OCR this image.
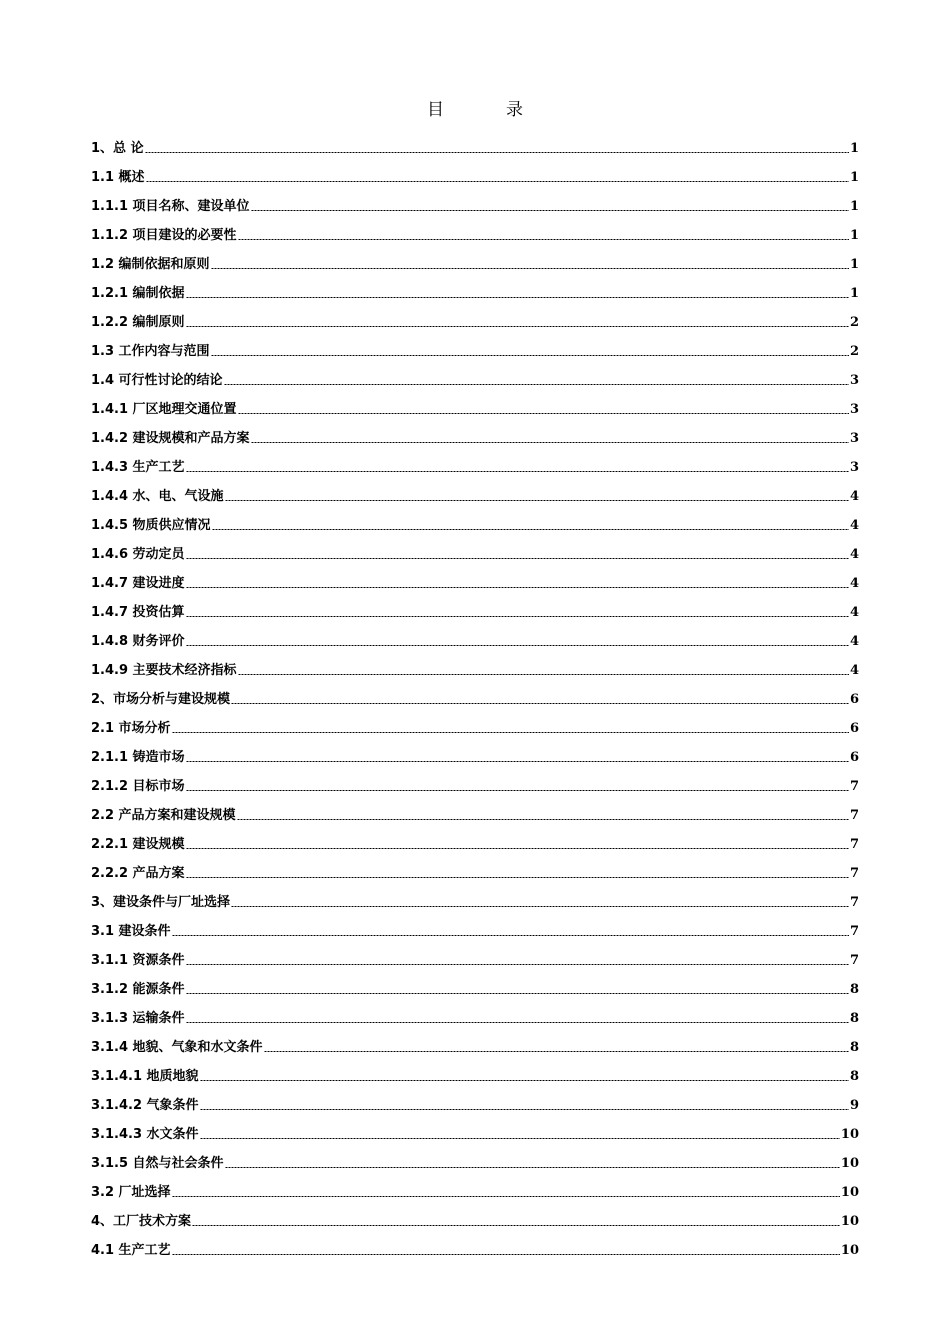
目	录
1、总 论	1
1.1 概述	1
1.1.1 项目名称、建设单位	1
1.1.2 项目建设的必要性	1
1.2 编制依据和原则	1
1.2.1 编制依据	1
1.2.2 编制原则	2
1.3 工作内容与范围	2
1.4 可行性讨论的结论	3
1.4.1 厂区地理交通位置	3
1.4.2 建设规模和产品方案	3
1.4.3 生产工艺	3
1.4.4 水、电、气设施	4
1.4.5 物质供应情况	4
1.4.6 劳动定员	4
1.4.7 建设进度	4
1.4.7 投资估算	4
1.4.8 财务评价	4
1.4.9 主要技术经济指标	4
2、市场分析与建设规模	6
2.1 市场分析	6
2.1.1 铸造市场	6
2.1.2 目标市场	7
2.2 产品方案和建设规模	7
2.2.1 建设规模	7
2.2.2 产品方案	7
3、建设条件与厂址选择	7
3.1 建设条件	7
3.1.1 资源条件	7
3.1.2 能源条件	8
3.1.3 运输条件	8
3.1.4 地貌、气象和水文条件	8
3.1.4.1 地质地貌	8
3.1.4.2 气象条件	9
3.1.4.3 水文条件	10
3.1.5 自然与社会条件	10
3.2 厂址选择	10
4、工厂技术方案	10
4.1 生产工艺	10
